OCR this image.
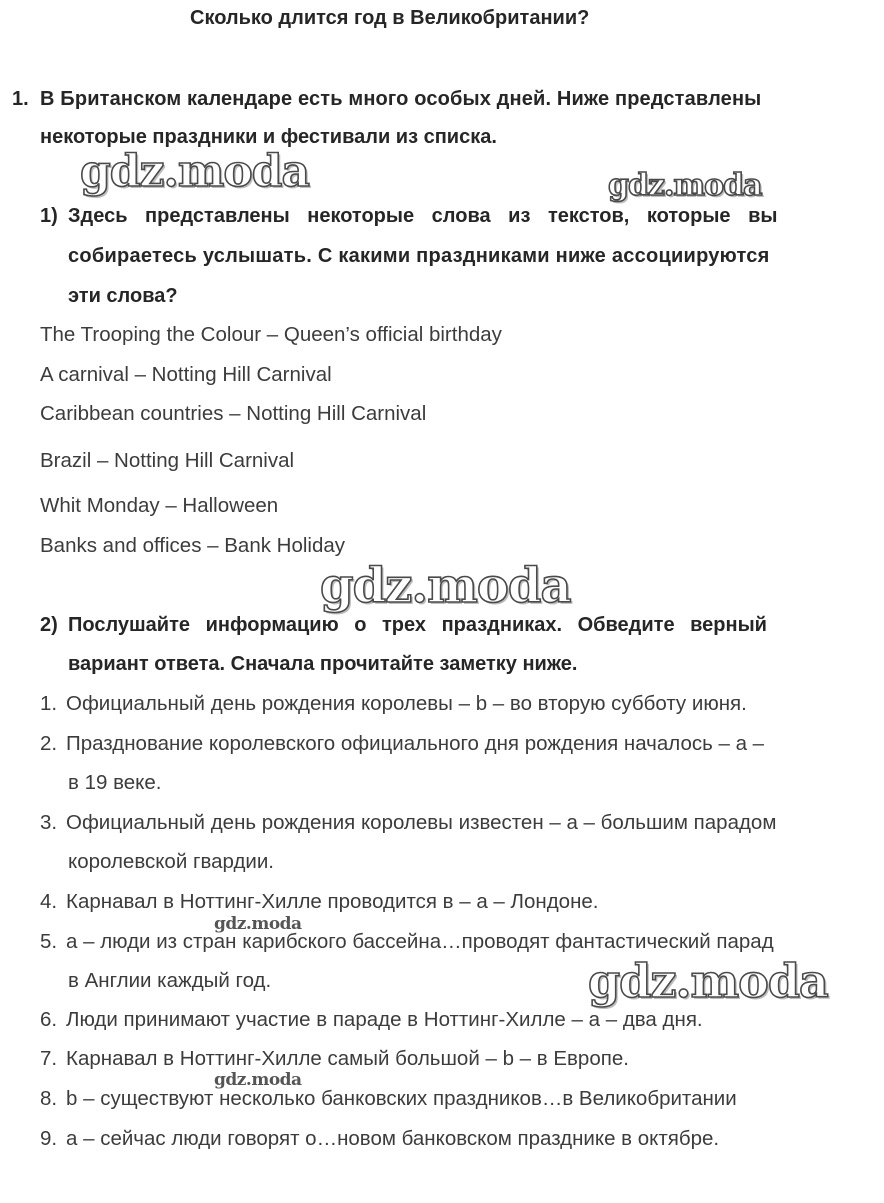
Сколько длится год в Великобритании?
1. В Британском календаре есть много особых дней. Ниже представлены
некоторые праздники и фестивали из списка.
gdz.moda	gdz.moda
1) Здесь представлены некоторые слова из текстов, которые вы
собираетесь услышать. С какими праздниками ниже ассоциируются
эти слова?
The Trooping the Colour – Queen’s official birthday
A carnival – Notting Hill Carnival
Caribbean countries – Notting Hill Carnival
Brazil – Notting Hill Carnival
Whit Monday – Halloween
Banks and offices – Bank Holiday
gdz.moda
2) Послушайте информацию о трех праздниках. Обведите верный
вариант ответа. Сначала прочитайте заметку ниже.
1. Официальный день рождения королевы – b – во вторую субботу июня.
2. Празднование королевского официального дня рождения началось – a –
в 19 веке.
3. Официальный день рождения королевы известен – a – большим парадом
королевской гвардии.
4. Карнавал в Ноттинг-Хилле проводится в – a – Лондоне.
gdz.moda
5. a – люди из стран карибского бассейна…проводят фантастический парад
в Англии каждый год.	gdz.moda
6. Люди принимают участие в параде в Ноттинг-Хилле – a – два дня.
7. Карнавал в Ноттинг-Хилле самый большой – b – в Европе.
gdz.moda
8. b – существуют несколько банковских праздников…в Великобритании
9. a – сейчас люди говорят о…новом банковском празднике в октябре.
